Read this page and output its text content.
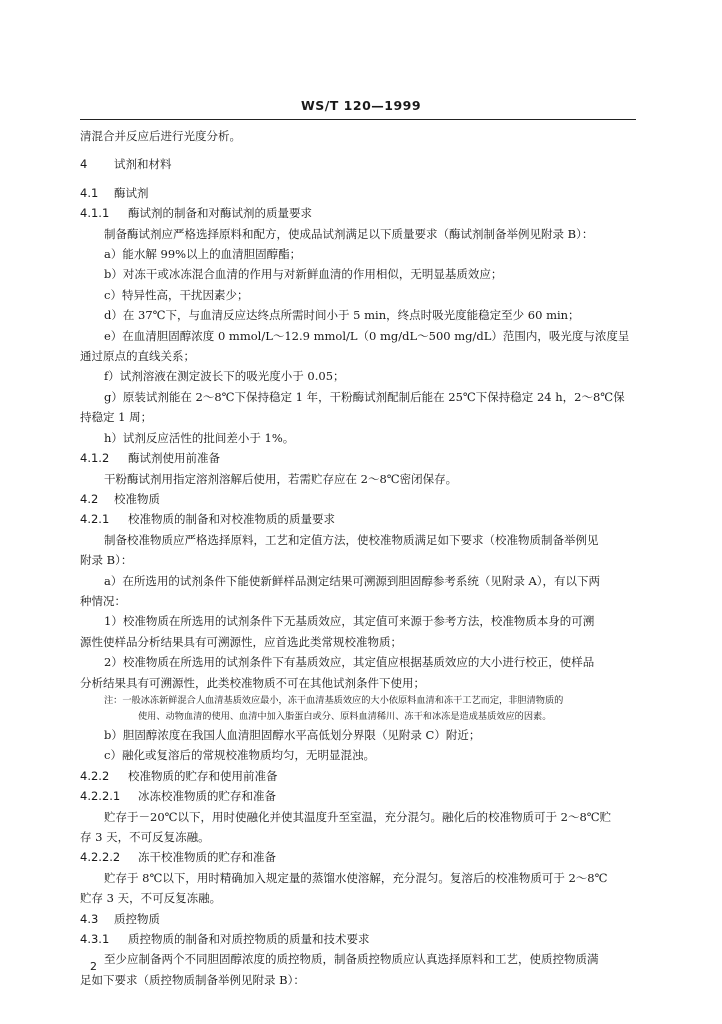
WS/T 120—1999
清混合并反应后进行光度分析。
4 试剂和材料
4.1 酶试剂
4.1.1 酶试剂的制备和对酶试剂的质量要求
制备酶试剂应严格选择原料和配方，使成品试剂满足以下质量要求（酶试剂制备举例见附录 B）：
a）能水解 99%以上的血清胆固醇酯；
b）对冻干或冰冻混合血清的作用与对新鲜血清的作用相似，无明显基质效应；
c）特异性高，干扰因素少；
d）在 37℃下，与血清反应达终点所需时间小于 5 min，终点时吸光度能稳定至少 60 min；
e）在血清胆固醇浓度 0 mmol/L～12.9 mmol/L（0 mg/dL～500 mg/dL）范围内，吸光度与浓度呈
通过原点的直线关系；
f）试剂溶液在测定波长下的吸光度小于 0.05；
g）原装试剂能在 2～8℃下保持稳定 1 年，干粉酶试剂配制后能在 25℃下保持稳定 24 h，2～8℃保
持稳定 1 周；
h）试剂反应活性的批间差小于 1%。
4.1.2 酶试剂使用前准备
干粉酶试剂用指定溶剂溶解后使用，若需贮存应在 2～8℃密闭保存。
4.2 校准物质
4.2.1 校准物质的制备和对校准物质的质量要求
制备校准物质应严格选择原料，工艺和定值方法，使校准物质满足如下要求（校准物质制备举例见
附录 B）：
a）在所选用的试剂条件下能使新鲜样品测定结果可溯源到胆固醇参考系统（见附录 A），有以下两
种情况：
1）校准物质在所选用的试剂条件下无基质效应，其定值可来源于参考方法，校准物质本身的可溯
源性使样品分析结果具有可溯源性，应首选此类常规校准物质；
2）校准物质在所选用的试剂条件下有基质效应，其定值应根据基质效应的大小进行校正，使样品
分析结果具有可溯源性，此类校准物质不可在其他试剂条件下使用；
注：一般冰冻新鲜混合人血清基质效应最小，冻干血清基质效应的大小依原料血清和冻干工艺而定，非胆清物质的
使用、动物血清的使用、血清中加入脂蛋白或分、原料血清稀川、冻干和冰冻是造成基质效应的因素。
b）胆固醇浓度在我国人血清胆固醇水平高低划分界限（见附录 C）附近；
c）融化或复溶后的常规校准物质均匀，无明显混浊。
4.2.2 校准物质的贮存和使用前准备
4.2.2.1 冰冻校准物质的贮存和准备
贮存于－20℃以下，用时使融化并使其温度升至室温，充分混匀。融化后的校准物质可于 2～8℃贮
存 3 天，不可反复冻融。
4.2.2.2 冻干校准物质的贮存和准备
贮存于 8℃以下，用时精确加入规定量的蒸馏水使溶解，充分混匀。复溶后的校准物质可于 2～8℃
贮存 3 天，不可反复冻融。
4.3 质控物质
4.3.1 质控物质的制备和对质控物质的质量和技术要求
至少应制备两个不同胆固醇浓度的质控物质，制备质控物质应认真选择原料和工艺，使质控物质满
足如下要求（质控物质制备举例见附录 B）：
2
